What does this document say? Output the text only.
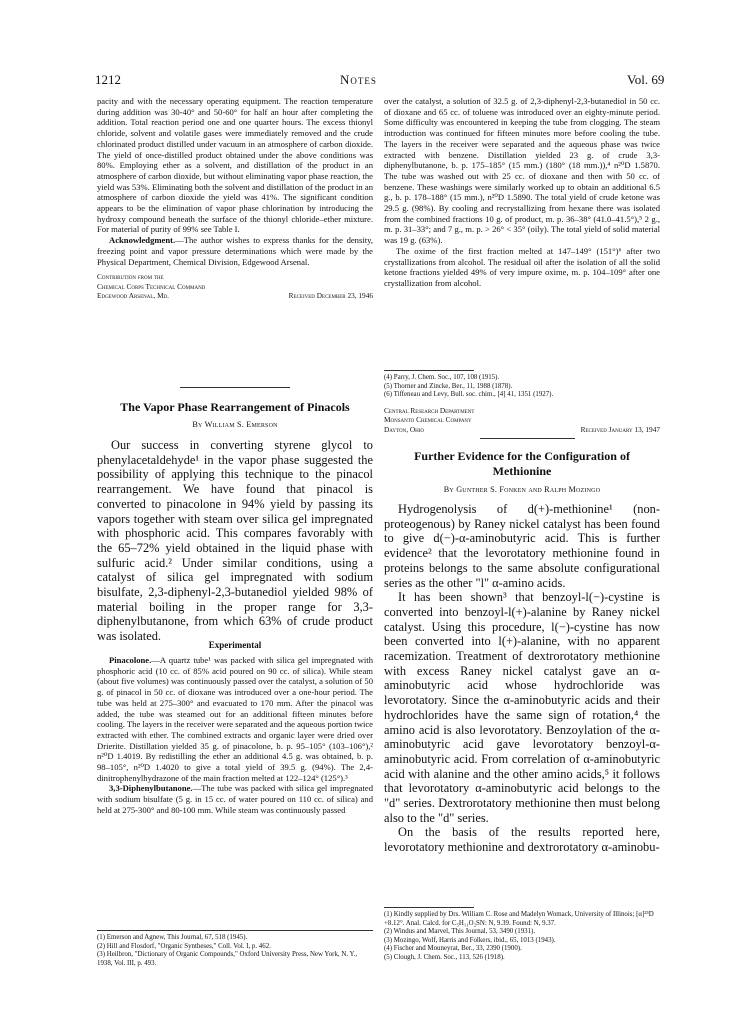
1212	Notes	Vol. 69

pacity and with the necessary operating equipment. The reaction temperature during addition was 30-40° and 50-60° for half an hour after completing the addition. Total reaction period one and one quarter hours. The excess thionyl chloride, solvent and volatile gases were immediately removed and the crude chlorinated product distilled under vacuum in an atmosphere of carbon dioxide. The yield of once-distilled product obtained under the above conditions was 80%. Employing ether as a solvent, and distillation of the product in an atmosphere of carbon dioxide, but without eliminating vapor phase reaction, the yield was 53%. Eliminating both the solvent and distillation of the product in an atmosphere of carbon dioxide the yield was 41%. The significant condition appears to be the elimination of vapor phase chlorination by introducing the hydroxy compound beneath the surface of the thionyl chloride–ether mixture. For material of purity of 99% see Table I.

Acknowledgment.—The author wishes to express thanks for the density, freezing point and vapor pressure determinations which were made by the Physical Department, Chemical Division, Edgewood Arsenal.

Contribution from the
Chemical Corps Technical Command
Edgewood Arsenal, Md.	Received December 23, 1946
The Vapor Phase Rearrangement of Pinacols
By William S. Emerson

Our success in converting styrene glycol to phenylacetaldehyde¹ in the vapor phase suggested the possibility of applying this technique to the pinacol rearrangement. We have found that pinacol is converted to pinacolone in 94% yield by passing its vapors together with steam over silica gel impregnated with phosphoric acid. This compares favorably with the 65–72% yield obtained in the liquid phase with sulfuric acid.² Under similar conditions, using a catalyst of silica gel impregnated with sodium bisulfate, 2,3-diphenyl-2,3-butanediol yielded 98% of material boiling in the proper range for 3,3-diphenylbutanone, from which 63% of crude product was isolated.

Experimental

Pinacolone.—A quartz tube¹ was packed with silica gel impregnated with phosphoric acid (10 cc. of 85% acid poured on 90 cc. of silica). While steam (about five volumes) was continuously passed over the catalyst, a solution of 50 g. of pinacol in 50 cc. of dioxane was introduced over a one-hour period. The tube was held at 275–300° and evacuated to 170 mm. After the pinacol was added, the tube was steamed out for an additional fifteen minutes before cooling. The layers in the receiver were separated and the aqueous portion twice extracted with ether. The combined extracts and organic layer were dried over Drierite. Distillation yielded 35 g. of pinacolone, b. p. 95–105° (103–106°),² n²⁰D 1.4019. By redistilling the ether an additional 4.5 g. was obtained, b. p. 98–105°, n²⁰D 1.4020 to give a total yield of 39.5 g. (94%). The 2,4-dinitrophenylhydrazone of the main fraction melted at 122–124° (125°).³

3,3-Diphenylbutanone.—The tube was packed with silica gel impregnated with sodium bisulfate (5 g. in 15 cc. of water poured on 110 cc. of silica) and held at 275-300° and 80-100 mm. While steam was continuously passed

(1) Emerson and Agnew, This Journal, 67, 518 (1945).
(2) Hill and Flosdorf, "Organic Syntheses," Coll. Vol. I, p. 462.
(3) Heilbron, "Dictionary of Organic Compounds," Oxford University Press, New York, N. Y., 1938, Vol. III, p. 493.

over the catalyst, a solution of 32.5 g. of 2,3-diphenyl-2,3-butanediol in 50 cc. of dioxane and 65 cc. of toluene was introduced over an eighty-minute period. Some difficulty was encountered in keeping the tube from clogging. The steam introduction was continued for fifteen minutes more before cooling the tube. The layers in the receiver were separated and the aqueous phase was twice extracted with benzene. Distillation yielded 23 g. of crude 3,3-diphenylbutanone, b. p. 175–185° (15 mm.) (180° (18 mm.)),⁴ n²⁰D 1.5870. The tube was washed out with 25 cc. of dioxane and then with 50 cc. of benzene. These washings were similarly worked up to obtain an additional 6.5 g., b. p. 178–188° (15 mm.), n²⁰D 1.5890. The total yield of crude ketone was 29.5 g. (98%). By cooling and recrystallizing from hexane there was isolated from the combined fractions 10 g. of product, m. p. 36–38° (41.0–41.5°),⁵ 2 g., m. p. 31–33°; and 7 g., m. p. > 26° < 35° (oily). The total yield of solid material was 19 g. (63%).

The oxime of the first fraction melted at 147–149° (151°)⁶ after two crystallizations from alcohol. The residual oil after the isolation of all the solid ketone fractions yielded 49% of very impure oxime, m. p. 104–109° after one crystallization from alcohol.

(4) Parry, J. Chem. Soc., 107, 108 (1915).
(5) Thorner and Zincke, Ber., 11, 1988 (1878).
(6) Tiffeneau and Levy, Bull. soc. chim., [4] 41, 1351 (1927).
Central Research Department
Monsanto Chemical Company
Dayton, Ohio	Received January 13, 1947
Further Evidence for the Configuration of
Methionine
By Gunther S. Fonken and Ralph Mozingo

Hydrogenolysis of d(+)-methionine¹ (non-proteogenous) by Raney nickel catalyst has been found to give d(−)-α-aminobutyric acid. This is further evidence² that the levorotatory methionine found in proteins belongs to the same absolute configurational series as the other "l" α-amino acids.

It has been shown³ that benzoyl-l(−)-cystine is converted into benzoyl-l(+)-alanine by Raney nickel catalyst. Using this procedure, l(−)-cystine has now been converted into l(+)-alanine, with no apparent racemization. Treatment of dextrorotatory methionine with excess Raney nickel catalyst gave an α-aminobutyric acid whose hydrochloride was levorotatory. Since the α-aminobutyric acids and their hydrochlorides have the same sign of rotation,⁴ the amino acid is also levorotatory. Benzoylation of the α-aminobutyric acid gave levorotatory benzoyl-α-aminobutyric acid. From correlation of α-aminobutyric acid with alanine and the other amino acids,⁵ it follows that levorotatory α-aminobutyric acid belongs to the "d" series. Dextrorotatory methionine then must belong also to the "d" series.

On the basis of the results reported here, levorotatory methionine and dextrorotatory α-aminobu-

(1) Kindly supplied by Drs. William C. Rose and Madelyn Womack, University of Illinois; [α]²⁵D +8.12°. Anal. Calcd. for C₅H₁₁O₂SN: N, 9.39. Found: N, 9.37.
(2) Windus and Marvel, This Journal, 53, 3490 (1931).
(3) Mozingo, Wolf, Harris and Folkers, ibid., 65, 1013 (1943).
(4) Fischer and Mouneyrat, Ber., 33, 2390 (1900).
(5) Clough, J. Chem. Soc., 113, 526 (1918).
